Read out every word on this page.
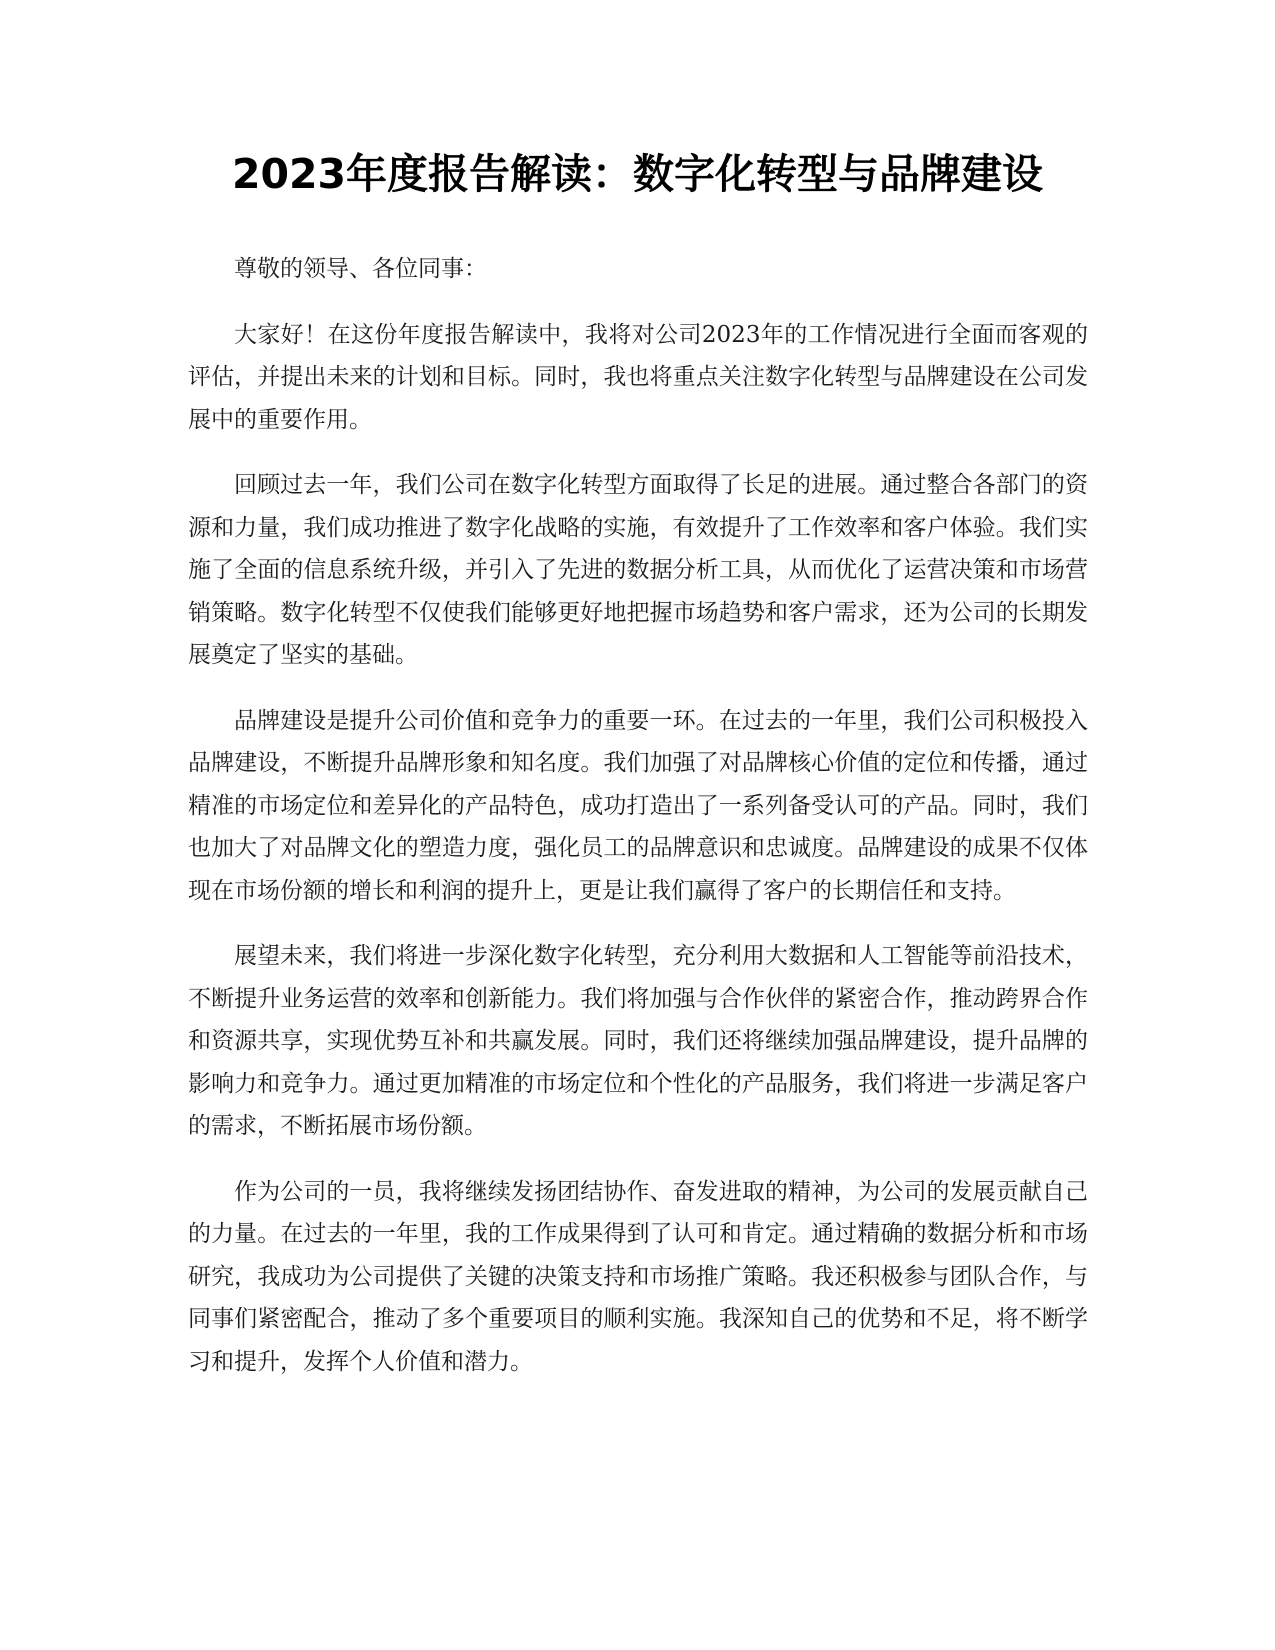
2023年度报告解读：数字化转型与品牌建设

尊敬的领导、各位同事：

大家好！在这份年度报告解读中，我将对公司2023年的工作情况进行全面而客观的评估，并提出未来的计划和目标。同时，我也将重点关注数字化转型与品牌建设在公司发展中的重要作用。

回顾过去一年，我们公司在数字化转型方面取得了长足的进展。通过整合各部门的资源和力量，我们成功推进了数字化战略的实施，有效提升了工作效率和客户体验。我们实施了全面的信息系统升级，并引入了先进的数据分析工具，从而优化了运营决策和市场营销策略。数字化转型不仅使我们能够更好地把握市场趋势和客户需求，还为公司的长期发展奠定了坚实的基础。

品牌建设是提升公司价值和竞争力的重要一环。在过去的一年里，我们公司积极投入品牌建设，不断提升品牌形象和知名度。我们加强了对品牌核心价值的定位和传播，通过精准的市场定位和差异化的产品特色，成功打造出了一系列备受认可的产品。同时，我们也加大了对品牌文化的塑造力度，强化员工的品牌意识和忠诚度。品牌建设的成果不仅体现在市场份额的增长和利润的提升上，更是让我们赢得了客户的长期信任和支持。

展望未来，我们将进一步深化数字化转型，充分利用大数据和人工智能等前沿技术，不断提升业务运营的效率和创新能力。我们将加强与合作伙伴的紧密合作，推动跨界合作和资源共享，实现优势互补和共赢发展。同时，我们还将继续加强品牌建设，提升品牌的影响力和竞争力。通过更加精准的市场定位和个性化的产品服务，我们将进一步满足客户的需求，不断拓展市场份额。

作为公司的一员，我将继续发扬团结协作、奋发进取的精神，为公司的发展贡献自己的力量。在过去的一年里，我的工作成果得到了认可和肯定。通过精确的数据分析和市场研究，我成功为公司提供了关键的决策支持和市场推广策略。我还积极参与团队合作，与同事们紧密配合，推动了多个重要项目的顺利实施。我深知自己的优势和不足，将不断学习和提升，发挥个人价值和潜力。
